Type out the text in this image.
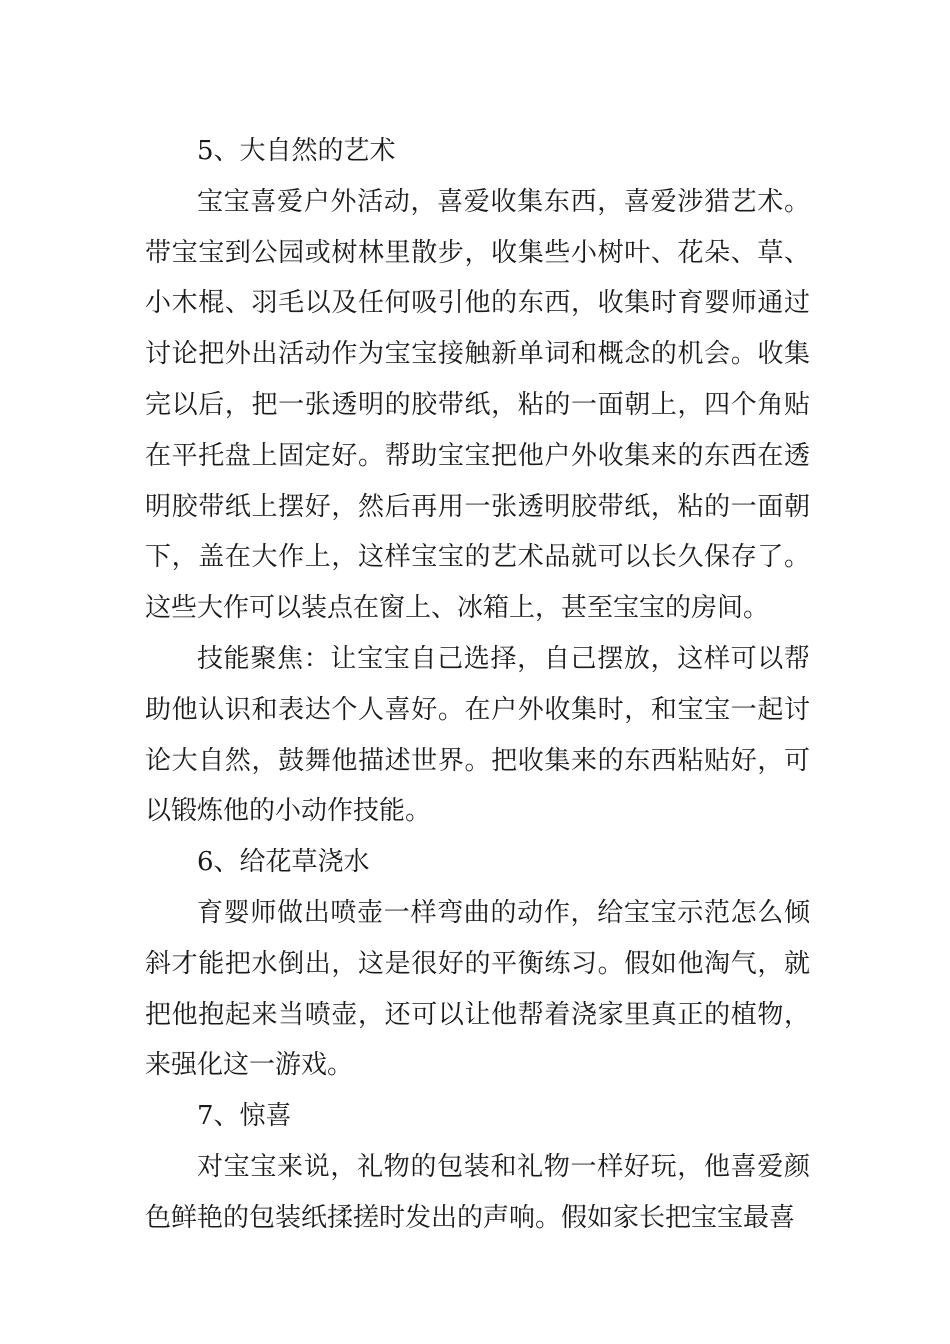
5、大自然的艺术

宝宝喜爱户外活动，喜爱收集东西，喜爱涉猎艺术。带宝宝到公园或树林里散步，收集些小树叶、花朵、草、小木棍、羽毛以及任何吸引他的东西，收集时育婴师通过讨论把外出活动作为宝宝接触新单词和概念的机会。收集完以后，把一张透明的胶带纸，粘的一面朝上，四个角贴在平托盘上固定好。帮助宝宝把他户外收集来的东西在透明胶带纸上摆好，然后再用一张透明胶带纸，粘的一面朝下，盖在大作上，这样宝宝的艺术品就可以长久保存了。这些大作可以装点在窗上、冰箱上，甚至宝宝的房间。

技能聚焦：让宝宝自己选择，自己摆放，这样可以帮助他认识和表达个人喜好。在户外收集时，和宝宝一起讨论大自然，鼓舞他描述世界。把收集来的东西粘贴好，可以锻炼他的小动作技能。

6、给花草浇水

育婴师做出喷壶一样弯曲的动作，给宝宝示范怎么倾斜才能把水倒出，这是很好的平衡练习。假如他淘气，就把他抱起来当喷壶，还可以让他帮着浇家里真正的植物，来强化这一游戏。

7、惊喜

对宝宝来说，礼物的包装和礼物一样好玩，他喜爱颜色鲜艳的包装纸揉搓时发出的声响。假如家长把宝宝最喜
